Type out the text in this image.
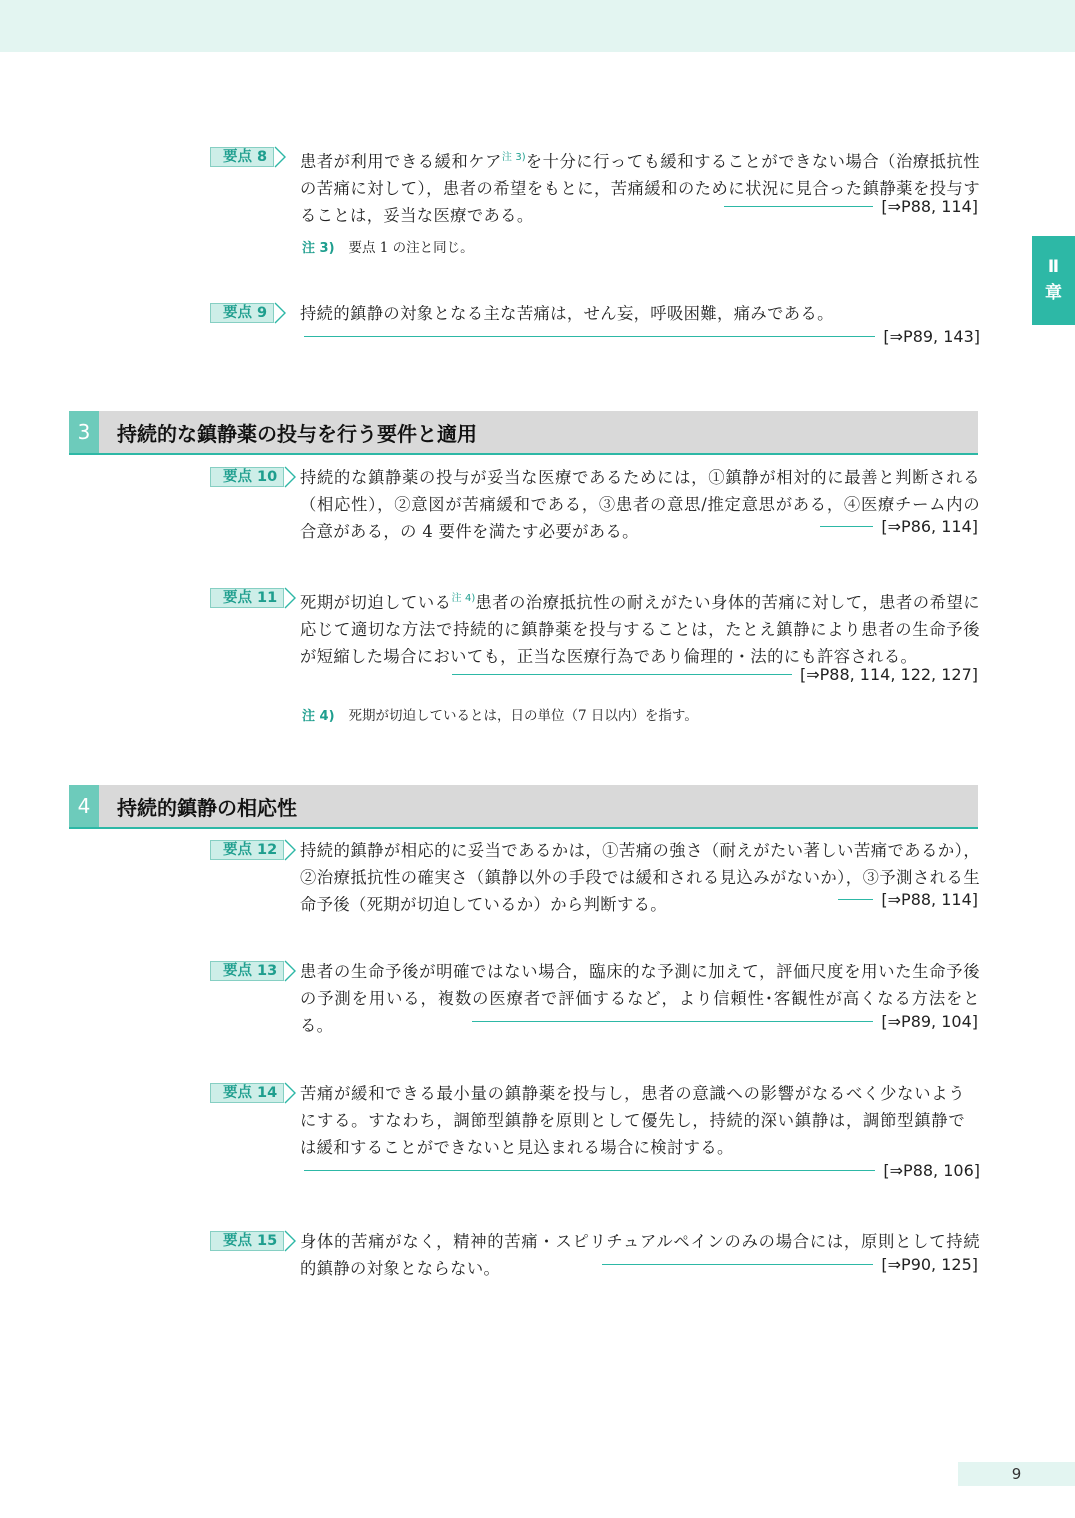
Ⅱ
章
要点 8	患者が利用できる緩和ケア$^{注 3)}$を十分に行っても緩和することができない場合（治療抵抗性の苦痛に対して），患者の希望をもとに，苦痛緩和のために状況に見合った鎮静薬を投与することは，妥当な医療である。	[⇒P88, 114]
注 3) 要点 1 の注と同じ。
要点 9	持続的鎮静の対象となる主な苦痛は，せん妄，呼吸困難，痛みである。
[⇒P89, 143]
3	持続的な鎮静薬の投与を行う要件と適用
要点 10	持続的な鎮静薬の投与が妥当な医療であるためには，①鎮静が相対的に最善と判断される（相応性），②意図が苦痛緩和である，③患者の意思/推定意思がある，④医療チーム内の合意がある，の 4 要件を満たす必要がある。	[⇒P86, 114]
要点 11	死期が切迫している$^{注 4)}$患者の治療抵抗性の耐えがたい身体的苦痛に対して，患者の希望に応じて適切な方法で持続的に鎮静薬を投与することは，たとえ鎮静により患者の生命予後が短縮した場合においても，正当な医療行為であり倫理的・法的にも許容される。
[⇒P88, 114, 122, 127]
注 4) 死期が切迫しているとは，日の単位（7 日以内）を指す。
4	持続的鎮静の相応性
要点 12	持続的鎮静が相応的に妥当であるかは，①苦痛の強さ（耐えがたい著しい苦痛であるか），②治療抵抗性の確実さ（鎮静以外の手段では緩和される見込みがないか），③予測される生命予後（死期が切迫しているか）から判断する。	[⇒P88, 114]
要点 13	患者の生命予後が明確ではない場合，臨床的な予測に加えて，評価尺度を用いた生命予後の予測を用いる，複数の医療者で評価するなど，より信頼性･客観性が高くなる方法をとる。	[⇒P89, 104]
要点 14	苦痛が緩和できる最小量の鎮静薬を投与し，患者の意識への影響がなるべく少ないようにする。すなわち，調節型鎮静を原則として優先し，持続的深い鎮静は，調節型鎮静では緩和することができないと見込まれる場合に検討する。
[⇒P88, 106]
要点 15	身体的苦痛がなく，精神的苦痛・スピリチュアルペインのみの場合には，原則として持続的鎮静の対象とならない。	[⇒P90, 125]
9
